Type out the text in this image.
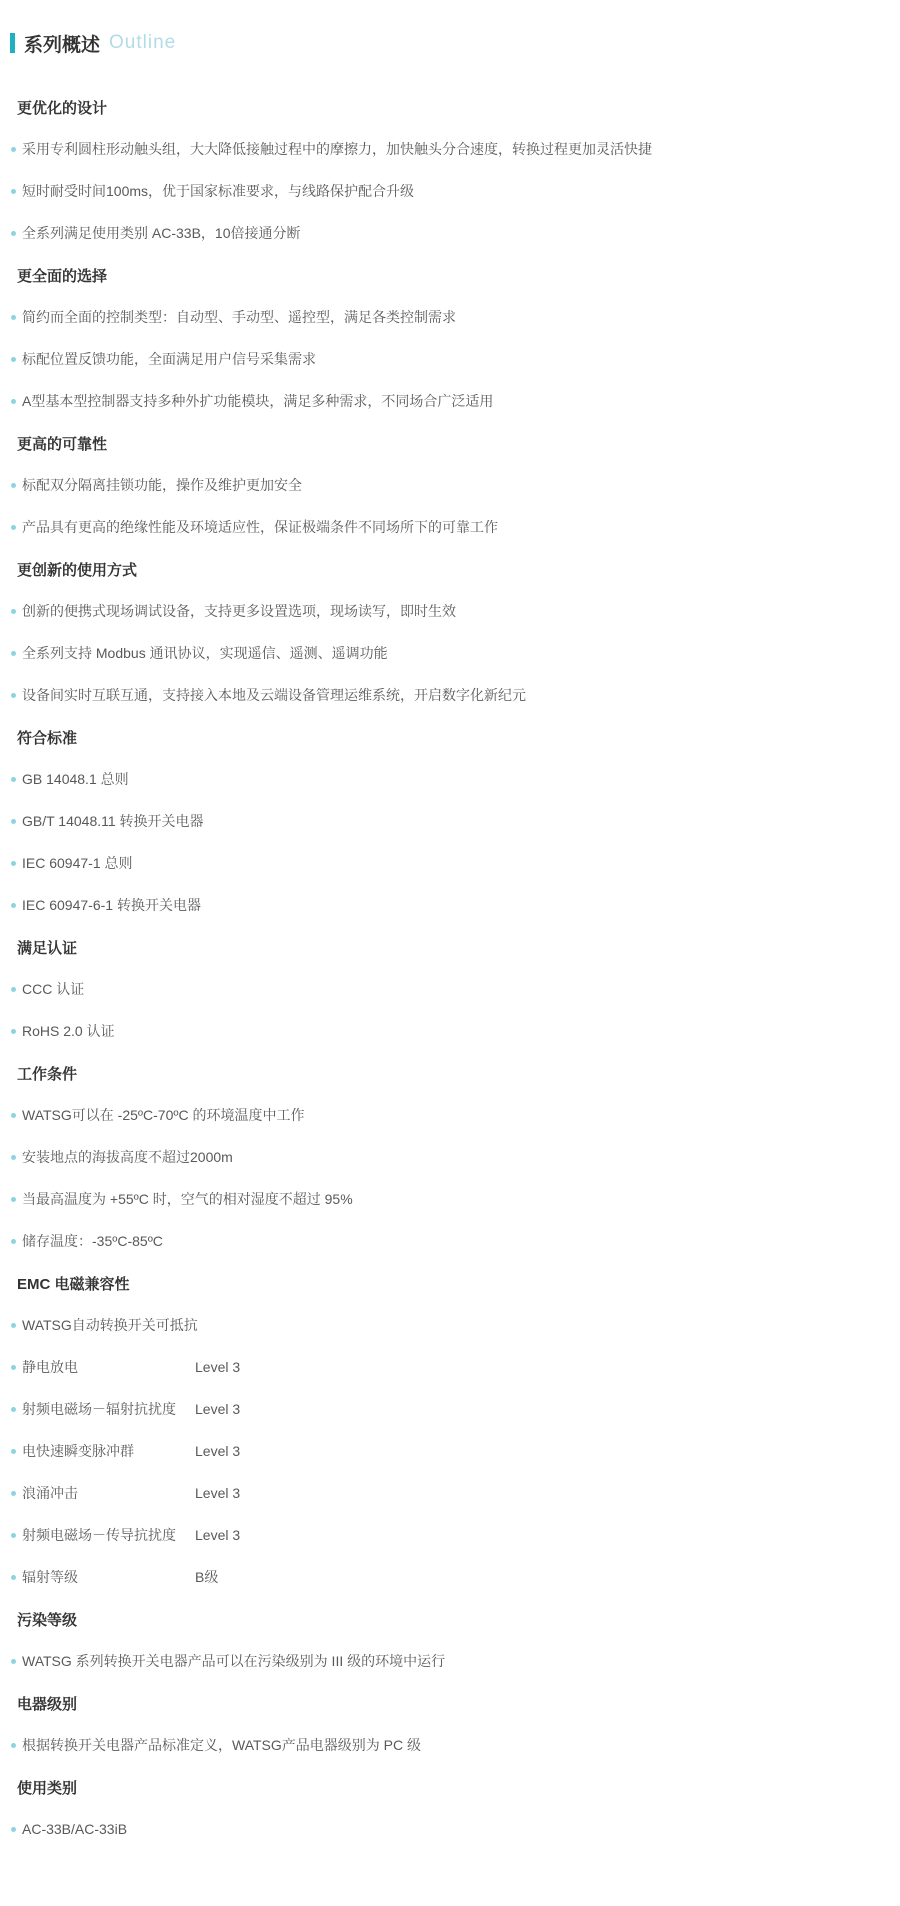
系列概述 Outline
更优化的设计
采用专利圆柱形动触头组，大大降低接触过程中的摩擦力，加快触头分合速度，转换过程更加灵活快捷
短时耐受时间100ms，优于国家标准要求，与线路保护配合升级
全系列满足使用类别 AC-33B，10倍接通分断
更全面的选择
简约而全面的控制类型：自动型、手动型、遥控型，满足各类控制需求
标配位置反馈功能，全面满足用户信号采集需求
A型基本型控制器支持多种外扩功能模块，满足多种需求，不同场合广泛适用
更高的可靠性
标配双分隔离挂锁功能，操作及维护更加安全
产品具有更高的绝缘性能及环境适应性，保证极端条件不同场所下的可靠工作
更创新的使用方式
创新的便携式现场调试设备，支持更多设置选项，现场读写，即时生效
全系列支持 Modbus 通讯协议，实现遥信、遥测、遥调功能
设备间实时互联互通，支持接入本地及云端设备管理运维系统，开启数字化新纪元
符合标准
GB 14048.1 总则
GB/T 14048.11 转换开关电器
IEC 60947-1 总则
IEC 60947-6-1 转换开关电器
满足认证
CCC 认证
RoHS 2.0 认证
工作条件
WATSG可以在 -25ºC-70ºC 的环境温度中工作
安装地点的海拔高度不超过2000m
当最高温度为 +55ºC 时，空气的相对湿度不超过 95%
储存温度：-35ºC-85ºC
EMC 电磁兼容性
WATSG自动转换开关可抵抗
静电放电	Level 3
射频电磁场－辐射抗扰度	Level 3
电快速瞬变脉冲群	Level 3
浪涌冲击	Level 3
射频电磁场－传导抗扰度	Level 3
辐射等级	B级
污染等级
WATSG 系列转换开关电器产品可以在污染级别为 III 级的环境中运行
电器级别
根据转换开关电器产品标准定义，WATSG产品电器级别为 PC 级
使用类别
AC-33B/AC-33iB
